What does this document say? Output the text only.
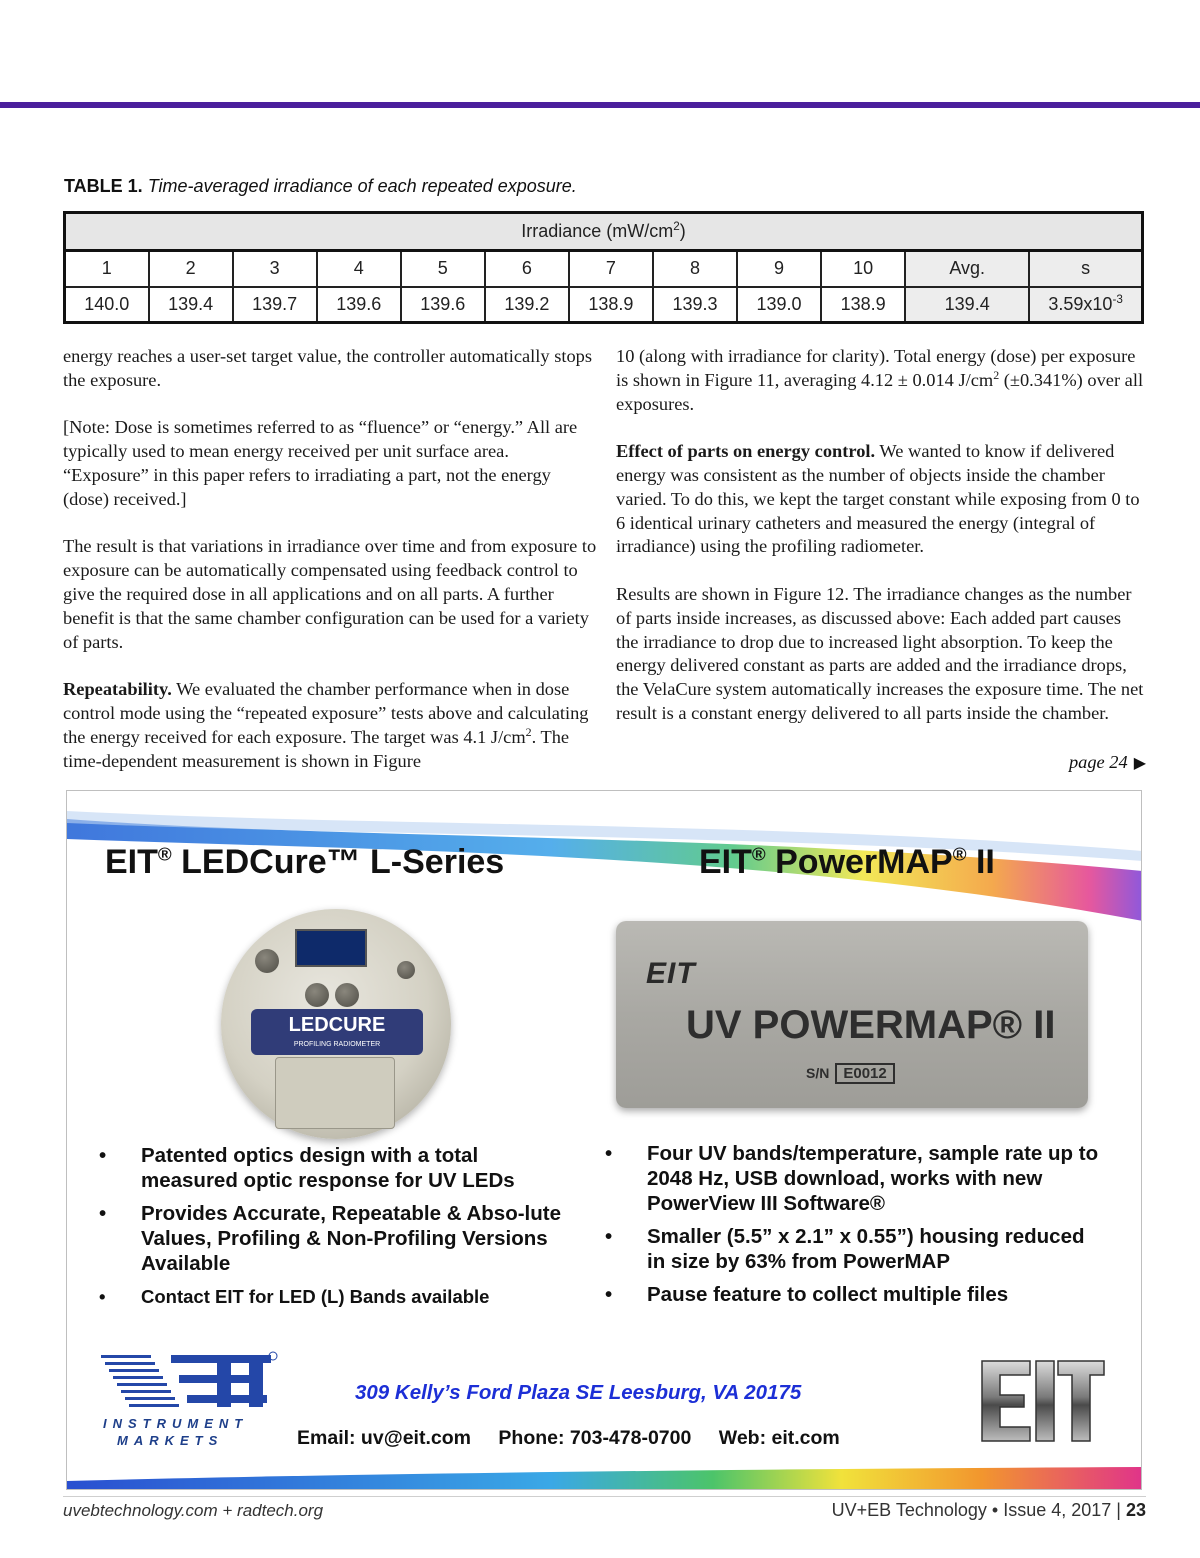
TABLE 1. Time-averaged irradiance of each repeated exposure.
Irradiance $(mW/cm^2)$											
1	2	3	4	5	6	7	8	9	10	Avg.	s
140.0	139.4	139.7	139.6	139.6	139.2	138.9	139.3	139.0	138.9	139.4	$3.59x10^{-3}$

energy reaches a user-set target value, the controller automatically stops the exposure.

[Note: Dose is sometimes referred to as “fluence” or “energy.” All are typically used to mean energy received per unit surface area. “Exposure” in this paper refers to irradiating a part, not the energy (dose) received.]

The result is that variations in irradiance over time and from exposure to exposure can be automatically compensated using feedback control to give the required dose in all applications and on all parts. A further benefit is that the same chamber configuration can be used for a variety of parts.

Repeatability. We evaluated the chamber performance when in dose control mode using the “repeated exposure” tests above and calculating the energy received for each exposure. The target was 4.1 $J/cm^2$. The time-dependent measurement is shown in Figure

10 (along with irradiance for clarity). Total energy (dose) per exposure is shown in Figure 11, averaging 4.12 ± 0.014 $J/cm^2$ (±0.341%) over all exposures.

Effect of parts on energy control. We wanted to know if delivered energy was consistent as the number of objects inside the chamber varied. To do this, we kept the target constant while exposing from 0 to 6 identical urinary catheters and measured the energy (integral of irradiance) using the profiling radiometer.

Results are shown in Figure 12. The irradiance changes as the number of parts inside increases, as discussed above: Each added part causes the irradiance to drop due to increased light absorption. To keep the energy delivered constant as parts are added and the irradiance drops, the VelaCure system automatically increases the exposure time. The net result is a constant energy delivered to all parts inside the chamber.

page 24 ▶
EIT® LEDCure™ L-Series	EIT® PowerMAP® II
LEDCURE
PROFILING RADIOMETER
EIT
UV POWERMAP® II
S/N E0012
• Patented optics design with a total measured optic response for UV LEDs
• Provides Accurate, Repeatable & Abso-lute Values, Profiling & Non-Profiling Versions Available
• Contact EIT for LED (L) Bands available
• Four UV bands/temperature, sample rate up to 2048 Hz, USB download, works with new PowerView III Software®
• Smaller (5.5” x 2.1” x 0.55”) housing reduced in size by 63% from PowerMAP
• Pause feature to collect multiple files
INSTRUMENT
MARKETS
309 Kelly’s Ford Plaza SE Leesburg, VA 20175
Email: uv@eit.com Phone: 703-478-0700 Web: eit.com
uvebtechnology.com + radtech.org	UV+EB Technology • Issue 4, 2017 | 23
